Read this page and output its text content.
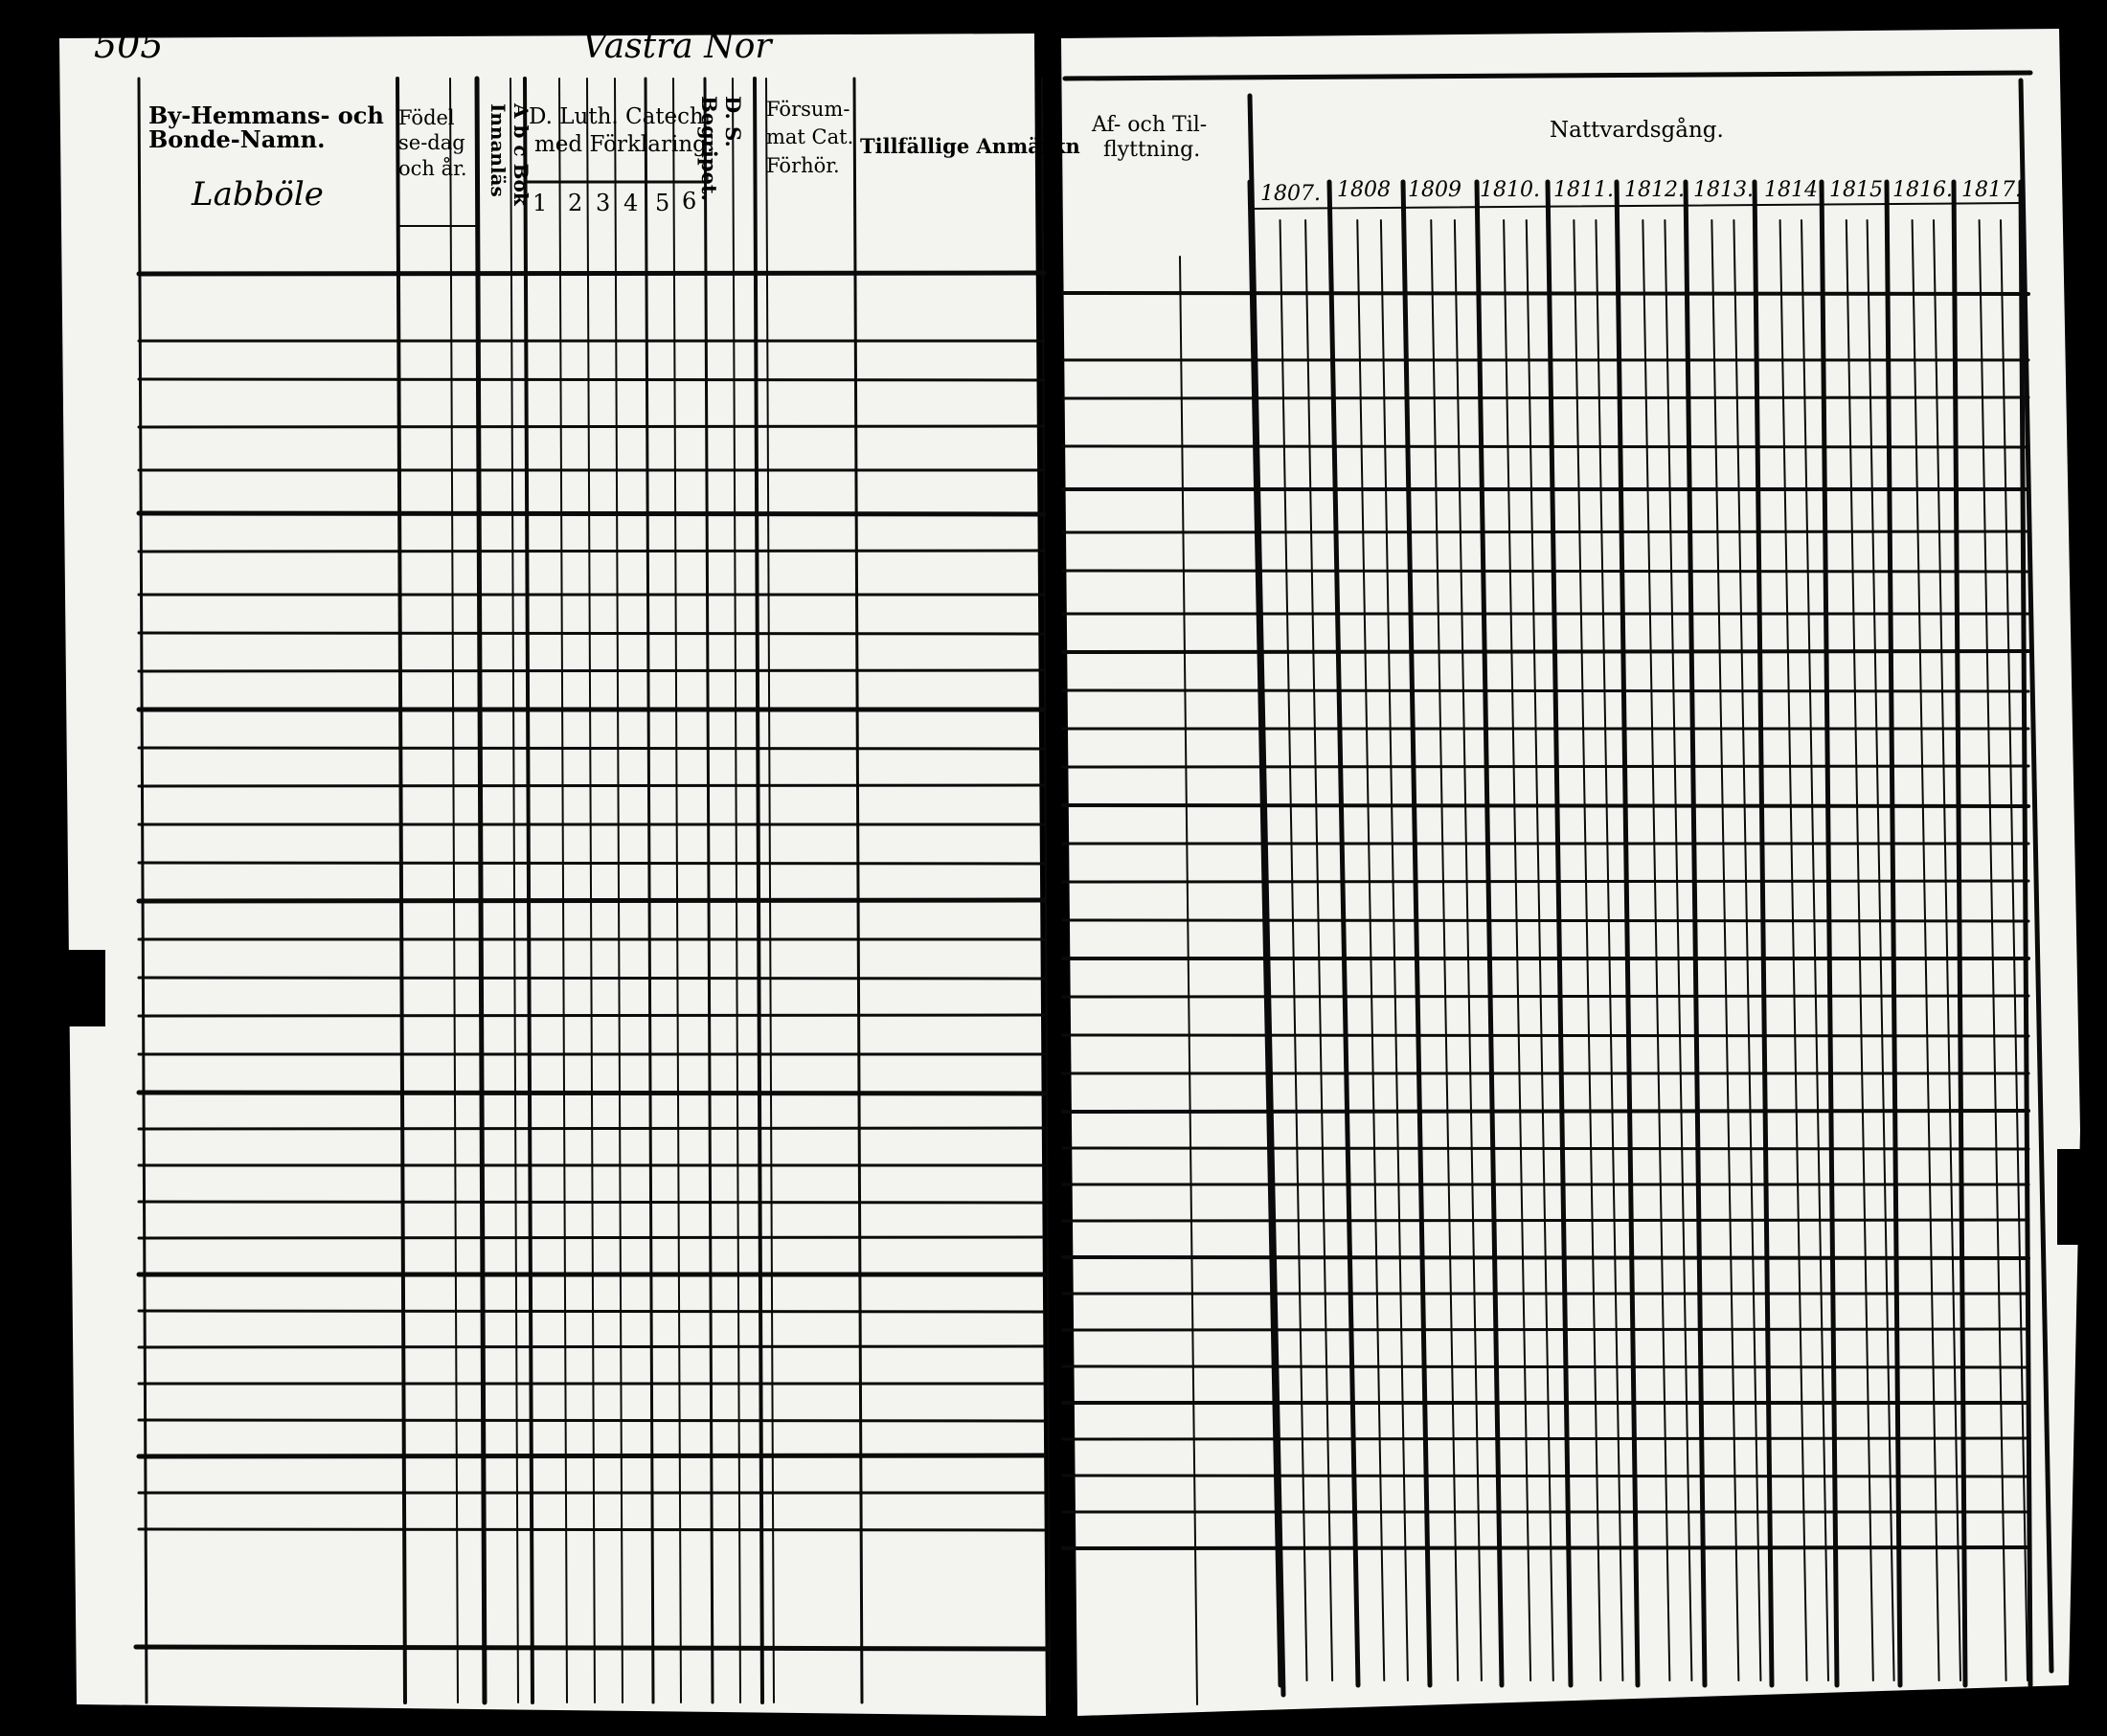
505	Västra Nor
Labböle
By-Hemmans- och
Bonde-Namn.
Födel
se-dag
och år. A b c Bok
Innanläs D. Luth. Catech.
med Förklaring.
1 2 3 4 5 6
D. S.
Begripet. Försum-
mat Cat.
Förhör.
Tillfällige Anmärkn
Af- och Til-
flyttning.
Nattvardsgång.
1807. 1808 1809 1810. 1811. 1812. 1813. 1814. 1815. 1816. 1817.
